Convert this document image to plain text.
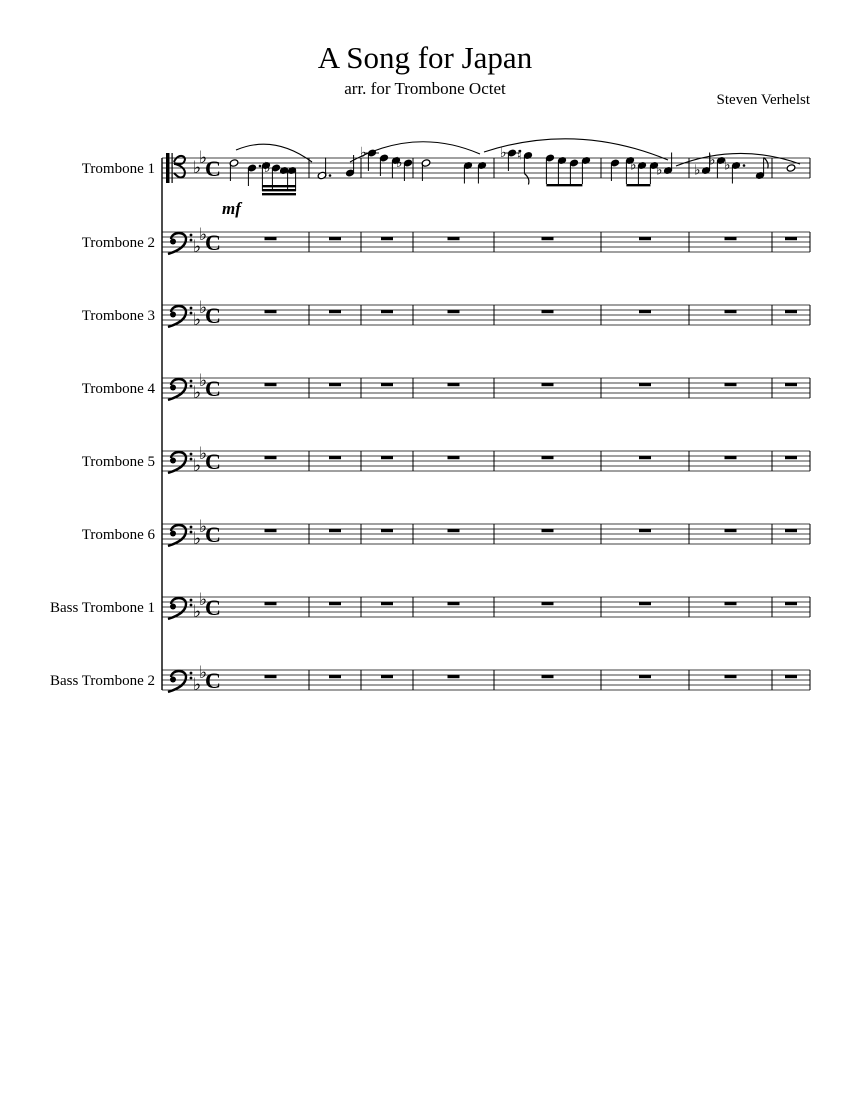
A Song for Japan
arr. for Trombone Octet
Steven Verhelst
Trombone 1 ♭
♭
C
Trombone 2 ♭
♭
C
Trombone 3 ♭
♭
C
Trombone 4 ♭
♭
C
Trombone 5 ♭
♭
C
Trombone 6 ♭
♭
C
Bass Trombone 1 ♭
♭
C
Bass Trombone 2 ♭
♭
C
♭
mf
♭
♭
♭ ♮
♭ ♭ ♭
♭ ♭
